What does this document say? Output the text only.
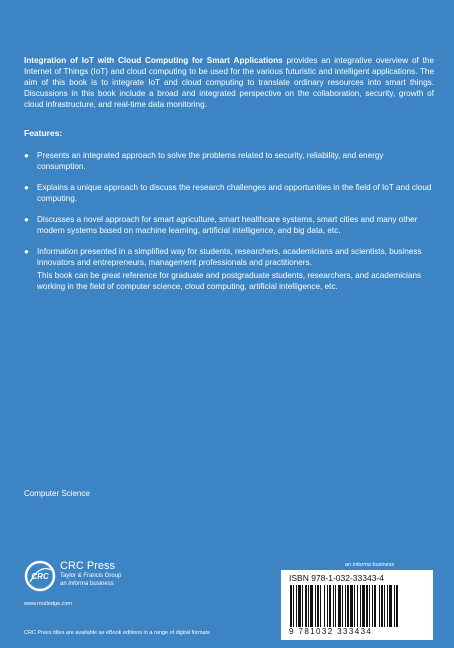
Integration of IoT with Cloud Computing for Smart Applications provides an integrative overview of the Internet of Things (IoT) and cloud computing to be used for the various futuristic and intelligent applications. The aim of this book is to integrate IoT and cloud computing to translate ordinary resources into smart things. Discussions in this book include a broad and integrated perspective on the collaboration, security, growth of cloud infrastructure, and real-time data monitoring.
Features:
● Presents an integrated approach to solve the problems related to security, reliability, and energy consumption.
● Explains a unique approach to discuss the research challenges and opportunities in the field of IoT and cloud computing.
● Discusses a novel approach for smart agriculture, smart healthcare systems, smart cities and many other modern systems based on machine learning, artificial intelligence, and big data, etc.
● Information presented in a simplified way for students, researchers, academicians and scientists, business innovators and entrepreneurs, management professionals and practitioners.
This book can be great reference for graduate and postgraduate students, researchers, and academicians working in the field of computer science, cloud computing, artificial intelligence, etc.
Computer Science
CRC
CRC Press
Taylor & Francis Group
an informa business
www.routledge.com
CRC Press titles are available as eBook editions in a range of digital formats
an informa business
ISBN 978-1-032-33343-4
9 781032 333434
